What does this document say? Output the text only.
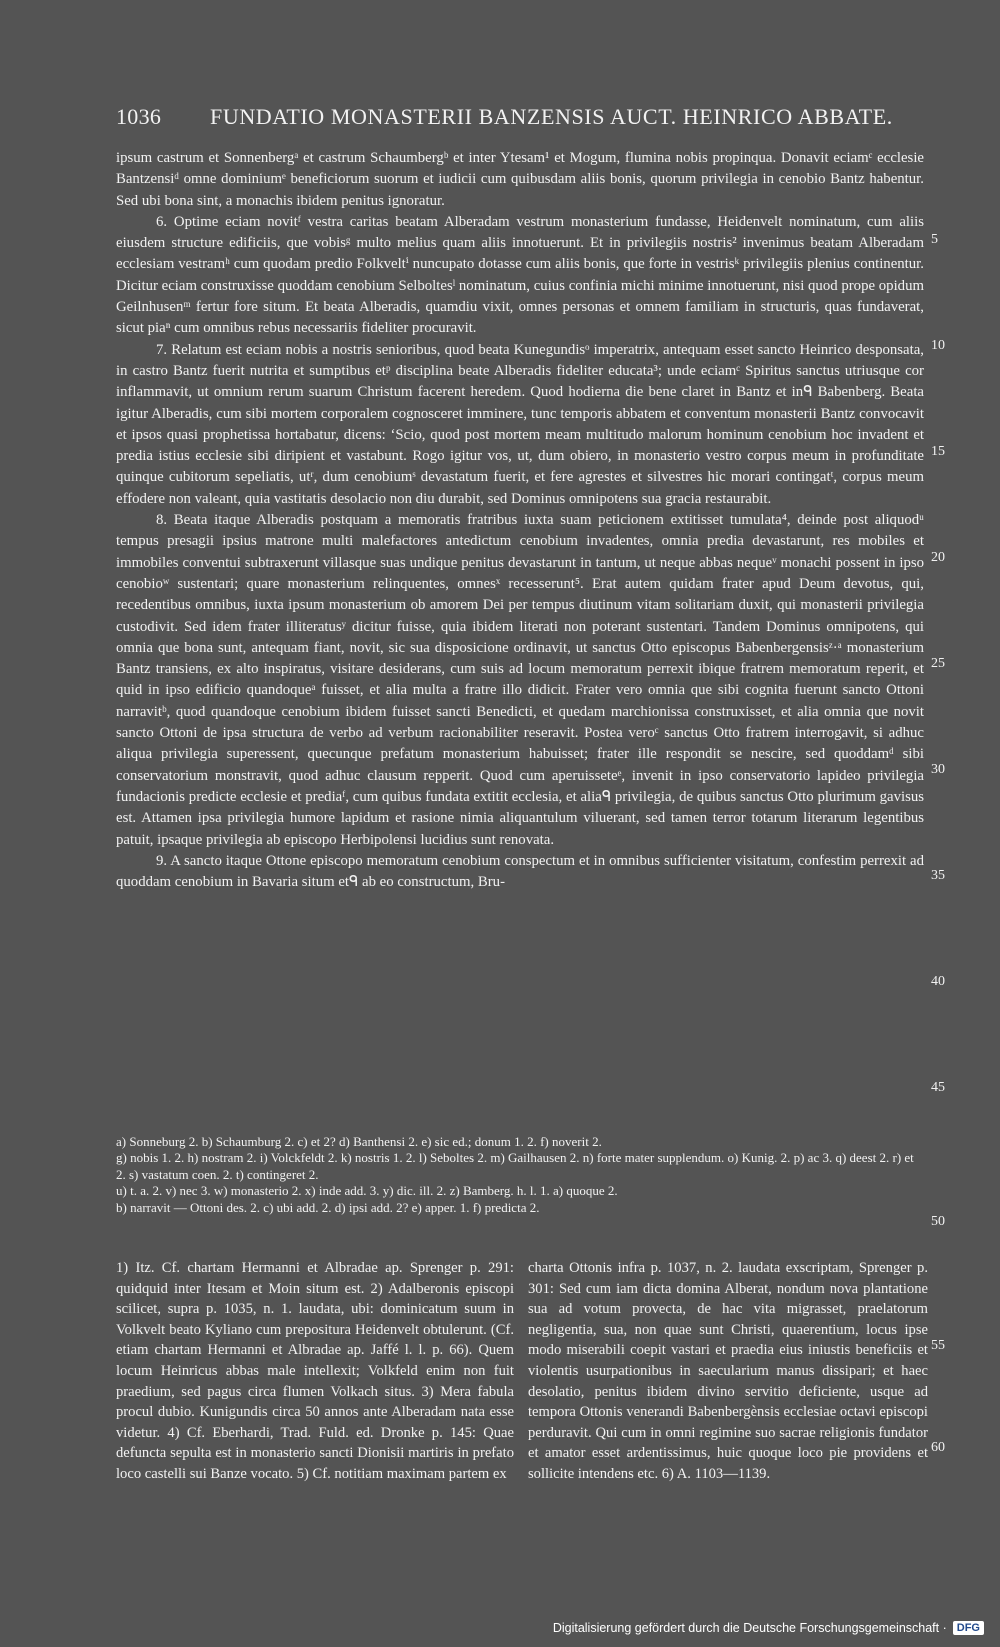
1036 FUNDATIO MONASTERII BANZENSIS AUCT. HEINRICO ABBATE.

ipsum castrum et Sonnenbergᵃ et castrum Schaumbergᵇ et inter Ytesam¹ et Mogum, flumina nobis propinqua. Donavit eciamᶜ ecclesie Bantzensiᵈ omne dominiumᵉ beneficiorum suorum et iudicii cum quibusdam aliis bonis, quorum privilegia in cenobio Bantz habentur. Sed ubi bona sint, a monachis ibidem penitus ignoratur.

6. Optime eciam novitᶠ vestra caritas beatam Alberadam vestrum monasterium fundasse, Heidenvelt nominatum, cum aliis eiusdem structure edificiis, que vobisᵍ multo melius quam aliis innotuerunt. Et in privilegiis nostris² invenimus beatam Alberadam ecclesiam vestramʰ cum quodam predio Folkveltⁱ nuncupato dotasse cum aliis bonis, que forte in vestrisᵏ privilegiis plenius continentur. Dicitur eciam construxisse quoddam cenobium Selboltesˡ nominatum, cuius confinia michi minime innotuerunt, nisi quod prope opidum Geilnhusenᵐ fertur fore situm. Et beata Alberadis, quamdiu vixit, omnes personas et omnem familiam in structuris, quas fundaverat, sicut piaⁿ cum omnibus rebus necessariis fideliter procuravit.

7. Relatum est eciam nobis a nostris senioribus, quod beata Kunegundisᵒ imperatrix, antequam esset sancto Heinrico desponsata, in castro Bantz fuerit nutrita et sumptibus etᵖ disciplina beate Alberadis fideliter educata³; unde eciamᶜ Spiritus sanctus utriusque cor inflammavit, ut omnium rerum suarum Christum facerent heredem. Quod hodierna die bene claret in Bantz et inᑫ Babenberg. Beata igitur Alberadis, cum sibi mortem corporalem cognosceret imminere, tunc temporis abbatem et conventum monasterii Bantz convocavit et ipsos quasi prophetissa hortabatur, dicens: ‘Scio, quod post mortem meam multitudo malorum hominum cenobium hoc invadent et predia istius ecclesie sibi diripient et vastabunt. Rogo igitur vos, ut, dum obiero, in monasterio vestro corpus meum in profunditate quinque cubitorum sepeliatis, utʳ, dum cenobiumˢ devastatum fuerit, et fere agrestes et silvestres hic morari contingatᵗ, corpus meum effodere non valeant, quia vastitatis desolacio non diu durabit, sed Dominus omnipotens sua gracia restaurabit.

8. Beata itaque Alberadis postquam a memoratis fratribus iuxta suam peticionem extitisset tumulata⁴, deinde post aliquodᵘ tempus presagii ipsius matrone multi malefactores antedictum cenobium invadentes, omnia predia devastarunt, res mobiles et immobiles conventui subtraxerunt villasque suas undique penitus devastarunt in tantum, ut neque abbas nequeᵛ monachi possent in ipso cenobioʷ sustentari; quare monasterium relinquentes, omnesˣ recesserunt⁵. Erat autem quidam frater apud Deum devotus, qui, recedentibus omnibus, iuxta ipsum monasterium ob amorem Dei per tempus diutinum vitam solitariam duxit, qui monasterii privilegia custodivit. Sed idem frater illiteratusʸ dicitur fuisse, quia ibidem literati non poterant sustentari. Tandem Dominus omnipotens, qui omnia que bona sunt, antequam fiant, novit, sic sua disposicione ordinavit, ut sanctus Otto episcopus Babenbergensisᶻ·ᵃ monasterium Bantz transiens, ex alto inspiratus, visitare desiderans, cum suis ad locum memoratum perrexit ibique fratrem memoratum reperit, et quid in ipso edificio quandoqueᵃ fuisset, et alia multa a fratre illo didicit. Frater vero omnia que sibi cognita fuerunt sancto Ottoni narravitᵇ, quod quandoque cenobium ibidem fuisset sancti Benedicti, et quedam marchionissa construxisset, et alia omnia que novit sancto Ottoni de ipsa structura de verbo ad verbum racionabiliter reseravit. Postea veroᶜ sanctus Otto fratrem interrogavit, si adhuc aliqua privilegia superessent, quecunque prefatum monasterium habuisset; frater ille respondit se nescire, sed quoddamᵈ sibi conservatorium monstravit, quod adhuc clausum repperit. Quod cum aperuisseteᵉ, invenit in ipso conservatorio lapideo privilegia fundacionis predicte ecclesie et prediaᶠ, cum quibus fundata extitit ecclesia, et aliaᑫ privilegia, de quibus sanctus Otto plurimum gavisus est. Attamen ipsa privilegia humore lapidum et rasione nimia aliquantulum viluerant, sed tamen terror totarum literarum legentibus patuit, ipsaque privilegia ab episcopo Herbipolensi lucidius sunt renovata.

9. A sancto itaque Ottone episcopo memoratum cenobium conspectum et in omnibus sufficienter visitatum, confestim perrexit ad quoddam cenobium in Bavaria situm etᑫ ab eo constructum, Bru-

5
10
15
20
25
30
35
40
45

a) Sonneburg 2. b) Schaumburg 2. c) et 2? d) Banthensi 2. e) sic ed.; donum 1. 2. f) noverit 2.

g) nobis 1. 2. h) nostram 2. i) Volckfeldt 2. k) nostris 1. 2. l) Seboltes 2. m) Gailhausen 2. n) forte mater supplendum. o) Kunig. 2. p) ac 3. q) deest 2. r) et 2. s) vastatum coen. 2. t) contingeret 2.

u) t. a. 2. v) nec 3. w) monasterio 2. x) inde add. 3. y) dic. ill. 2. z) Bamberg. h. l. 1. a) quoque 2.

b) narravit — Ottoni des. 2. c) ubi add. 2. d) ipsi add. 2? e) apper. 1. f) predicta 2.

50

1) Itz. Cf. chartam Hermanni et Albradae ap. Sprenger p. 291: quidquid inter Itesam et Moin situm est. 2) Adalberonis episcopi scilicet, supra p. 1035, n. 1. laudata, ubi: dominicatum suum in Volkvelt beato Kyliano cum prepositura Heidenvelt obtulerunt. (Cf. etiam chartam Hermanni et Albradae ap. Jaffé l. l. p. 66). Quem locum Heinricus abbas male intellexit; Volkfeld enim non fuit praedium, sed pagus circa flumen Volkach situs. 3) Mera fabula procul dubio. Kunigundis circa 50 annos ante Alberadam nata esse videtur. 4) Cf. Eberhardi, Trad. Fuld. ed. Dronke p. 145: Quae defuncta sepulta est in monasterio sancti Dionisii martiris in prefato loco castelli sui Banze vocato. 5) Cf. notitiam maximam partem ex

charta Ottonis infra p. 1037, n. 2. laudata exscriptam, Sprenger p. 301: Sed cum iam dicta domina Alberat, nondum nova plantatione sua ad votum provecta, de hac vita migrasset, praelatorum negligentia, sua, non quae sunt Christi, quaerentium, locus ipse modo miserabili coepit vastari et praedia eius iniustis beneficiis et violentis usurpationibus in saecularium manus dissipari; et haec desolatio, penitus ibidem divino servitio deficiente, usque ad tempora Ottonis venerandi Babenbergènsis ecclesiae octavi episcopi perduravit. Qui cum in omni regimine suo sacrae religionis fundator et amator esset ardentissimus, huic quoque loco pie providens et sollicite intendens etc. 6) A. 1103—1139.

55
60
Digitalisierung gefördert durch die Deutsche Forschungsgemeinschaft · DFG
